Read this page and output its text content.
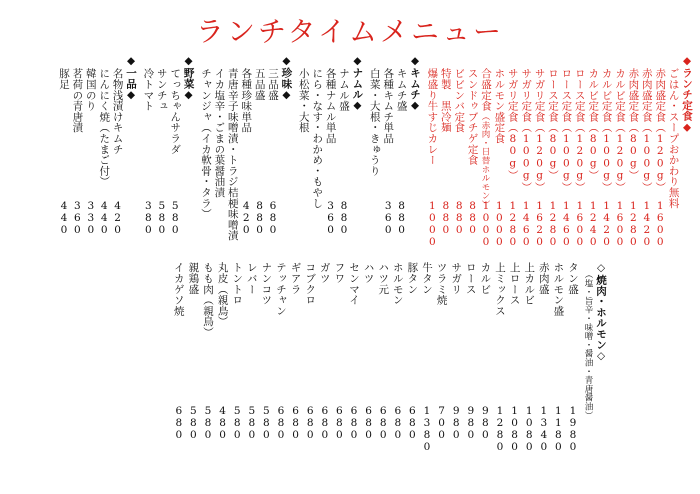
ランチタイムメニュー
◆ランチ定食◆
ごはん・スープおかわり無料
赤肉盛定食（120g）
1600
赤肉盛定食（100g）
1420
赤肉盛定食（80g）
1280
カルビ定食（120g）
1600
カルビ定食（100g）
1420
カルビ定食（80g）
1240
ロース定食（120g）
1600
ロース定食（100g）
1460
ロース定食（80g）
1280
サガリ定食（120g）
1620
サガリ定食（100g）
1460
サガリ定食（80g）
1280
ホルモン盛定食
1000
合盛定食
（赤肉・日替ホルモン）
1000
スンドゥブチゲ定食
880
ビビンバ定食
880
特製　黒冷麺
880
爆盛り牛すじカレー
1000
◆キムチ◆
キムチ盛
880
各種キムチ単品
360
白菜・大根・きゅうり
◆ナムル◆
ナムル盛
880
各種ナムル単品
360
にら・なす・わかめ・もやし
小松菜・大根
◆珍味◆
三品盛
680
五品盛
880
各種珍味単品
420
青唐辛子味噌漬・トラジ桔梗味噌漬
イカ塩辛・ごまの葉醤油漬
チャンジャ（イカ軟骨・タラ）
◆野菜◆
てっちゃんサラダ
580
サンチュ
580
冷トマト
380
◆一品◆
名物浅漬けキムチ
420
にんにく焼（たまご付）
440
韓国のり
330
茗荷の青唐漬
360
豚足
440
◇焼肉・ホルモン◇
（塩・旨辛・味噌・醤油・青唐醤油）
タン盛
1980
ホルモン盛
1180
赤肉盛
1340
上カルビ
1080
上ロース
1080
上ミックス
1280
カルビ
980
ロース
980
サガリ
980
ツラミ焼
700
牛タン
1380
豚タン
680
ホルモン
680
ハツ元
680
ハツ
680
センマイ
680
フワ
680
ガツ
680
コブクロ
680
ギアラ
680
テッチャン
680
ナンコツ
580
レバー
580
トントロ
580
丸皮（親鳥）
480
もも肉（親鳥）
580
親鶏盛
580
イカゲソ焼
680
